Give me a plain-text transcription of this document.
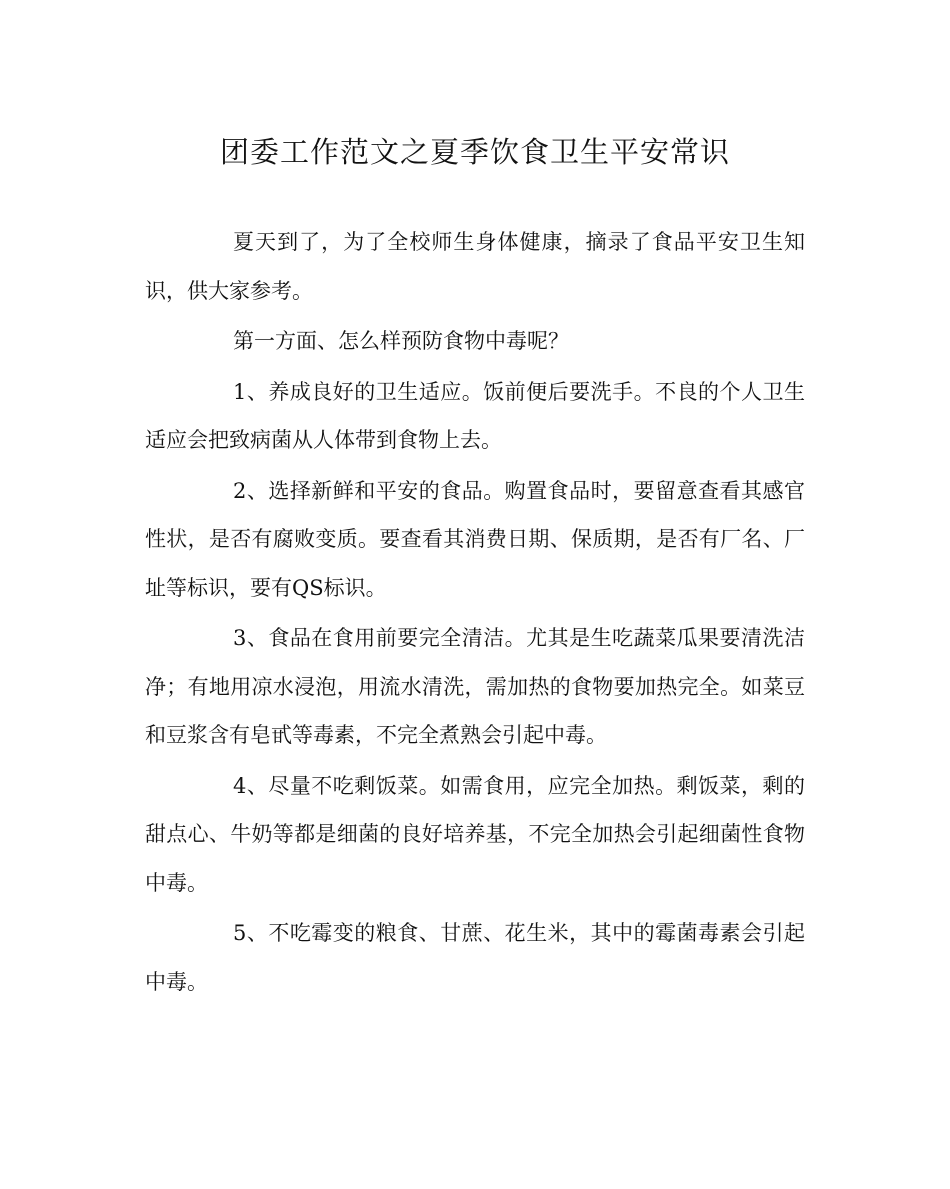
团委工作范文之夏季饮食卫生平安常识

夏天到了，为了全校师生身体健康，摘录了食品平安卫生知识，供大家参考。

第一方面、怎么样预防食物中毒呢？

1、养成良好的卫生适应。饭前便后要洗手。不良的个人卫生适应会把致病菌从人体带到食物上去。

2、选择新鲜和平安的食品。购置食品时，要留意查看其感官性状，是否有腐败变质。要查看其消费日期、保质期，是否有厂名、厂址等标识，要有QS标识。

3、食品在食用前要完全清洁。尤其是生吃蔬菜瓜果要清洗洁净；有地用凉水浸泡，用流水清洗，需加热的食物要加热完全。如菜豆和豆浆含有皂甙等毒素，不完全煮熟会引起中毒。

4、尽量不吃剩饭菜。如需食用，应完全加热。剩饭菜，剩的甜点心、牛奶等都是细菌的良好培养基，不完全加热会引起细菌性食物中毒。

5、不吃霉变的粮食、甘蔗、花生米，其中的霉菌毒素会引起中毒。
